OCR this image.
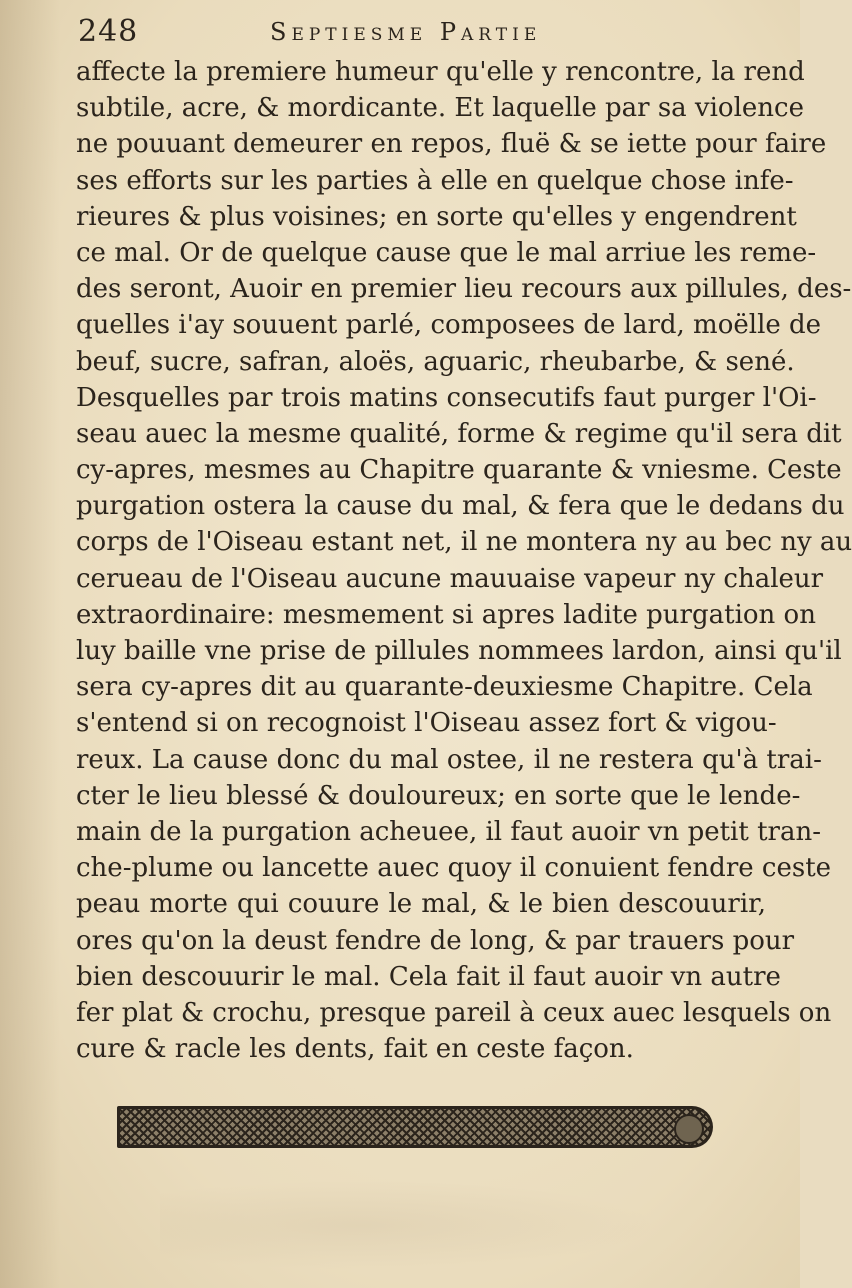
248	Septiesme Partie
affecte la premiere humeur qu'elle y rencontre, la rend
subtile, acre, & mordicante. Et laquelle par sa violence
ne pouuant demeurer en repos, fluë & se iette pour faire
ses efforts sur les parties à elle en quelque chose infe-
rieures & plus voisines; en sorte qu'elles y engendrent
ce mal. Or de quelque cause que le mal arriue les reme-
des seront, Auoir en premier lieu recours aux pillules, des-
quelles i'ay souuent parlé, composees de lard, moëlle de
beuf, sucre, safran, aloës, aguaric, rheubarbe, & sené.
Desquelles par trois matins consecutifs faut purger l'Oi-
seau auec la mesme qualité, forme & regime qu'il sera dit
cy-apres, mesmes au Chapitre quarante & vniesme. Ceste
purgation ostera la cause du mal, & fera que le dedans du
corps de l'Oiseau estant net, il ne montera ny au bec ny au
cerueau de l'Oiseau aucune mauuaise vapeur ny chaleur
extraordinaire: mesmement si apres ladite purgation on
luy baille vne prise de pillules nommees lardon, ainsi qu'il
sera cy-apres dit au quarante-deuxiesme Chapitre. Cela
s'entend si on recognoist l'Oiseau assez fort & vigou-
reux. La cause donc du mal ostee, il ne restera qu'à trai-
cter le lieu blessé & douloureux; en sorte que le lende-
main de la purgation acheuee, il faut auoir vn petit tran-
che-plume ou lancette auec quoy il conuient fendre ceste
peau morte qui couure le mal, & le bien descouurir,
ores qu'on la deust fendre de long, & par trauers pour
bien descouurir le mal. Cela fait il faut auoir vn autre
fer plat & crochu, presque pareil à ceux auec lesquels on
cure & racle les dents, fait en ceste façon.
